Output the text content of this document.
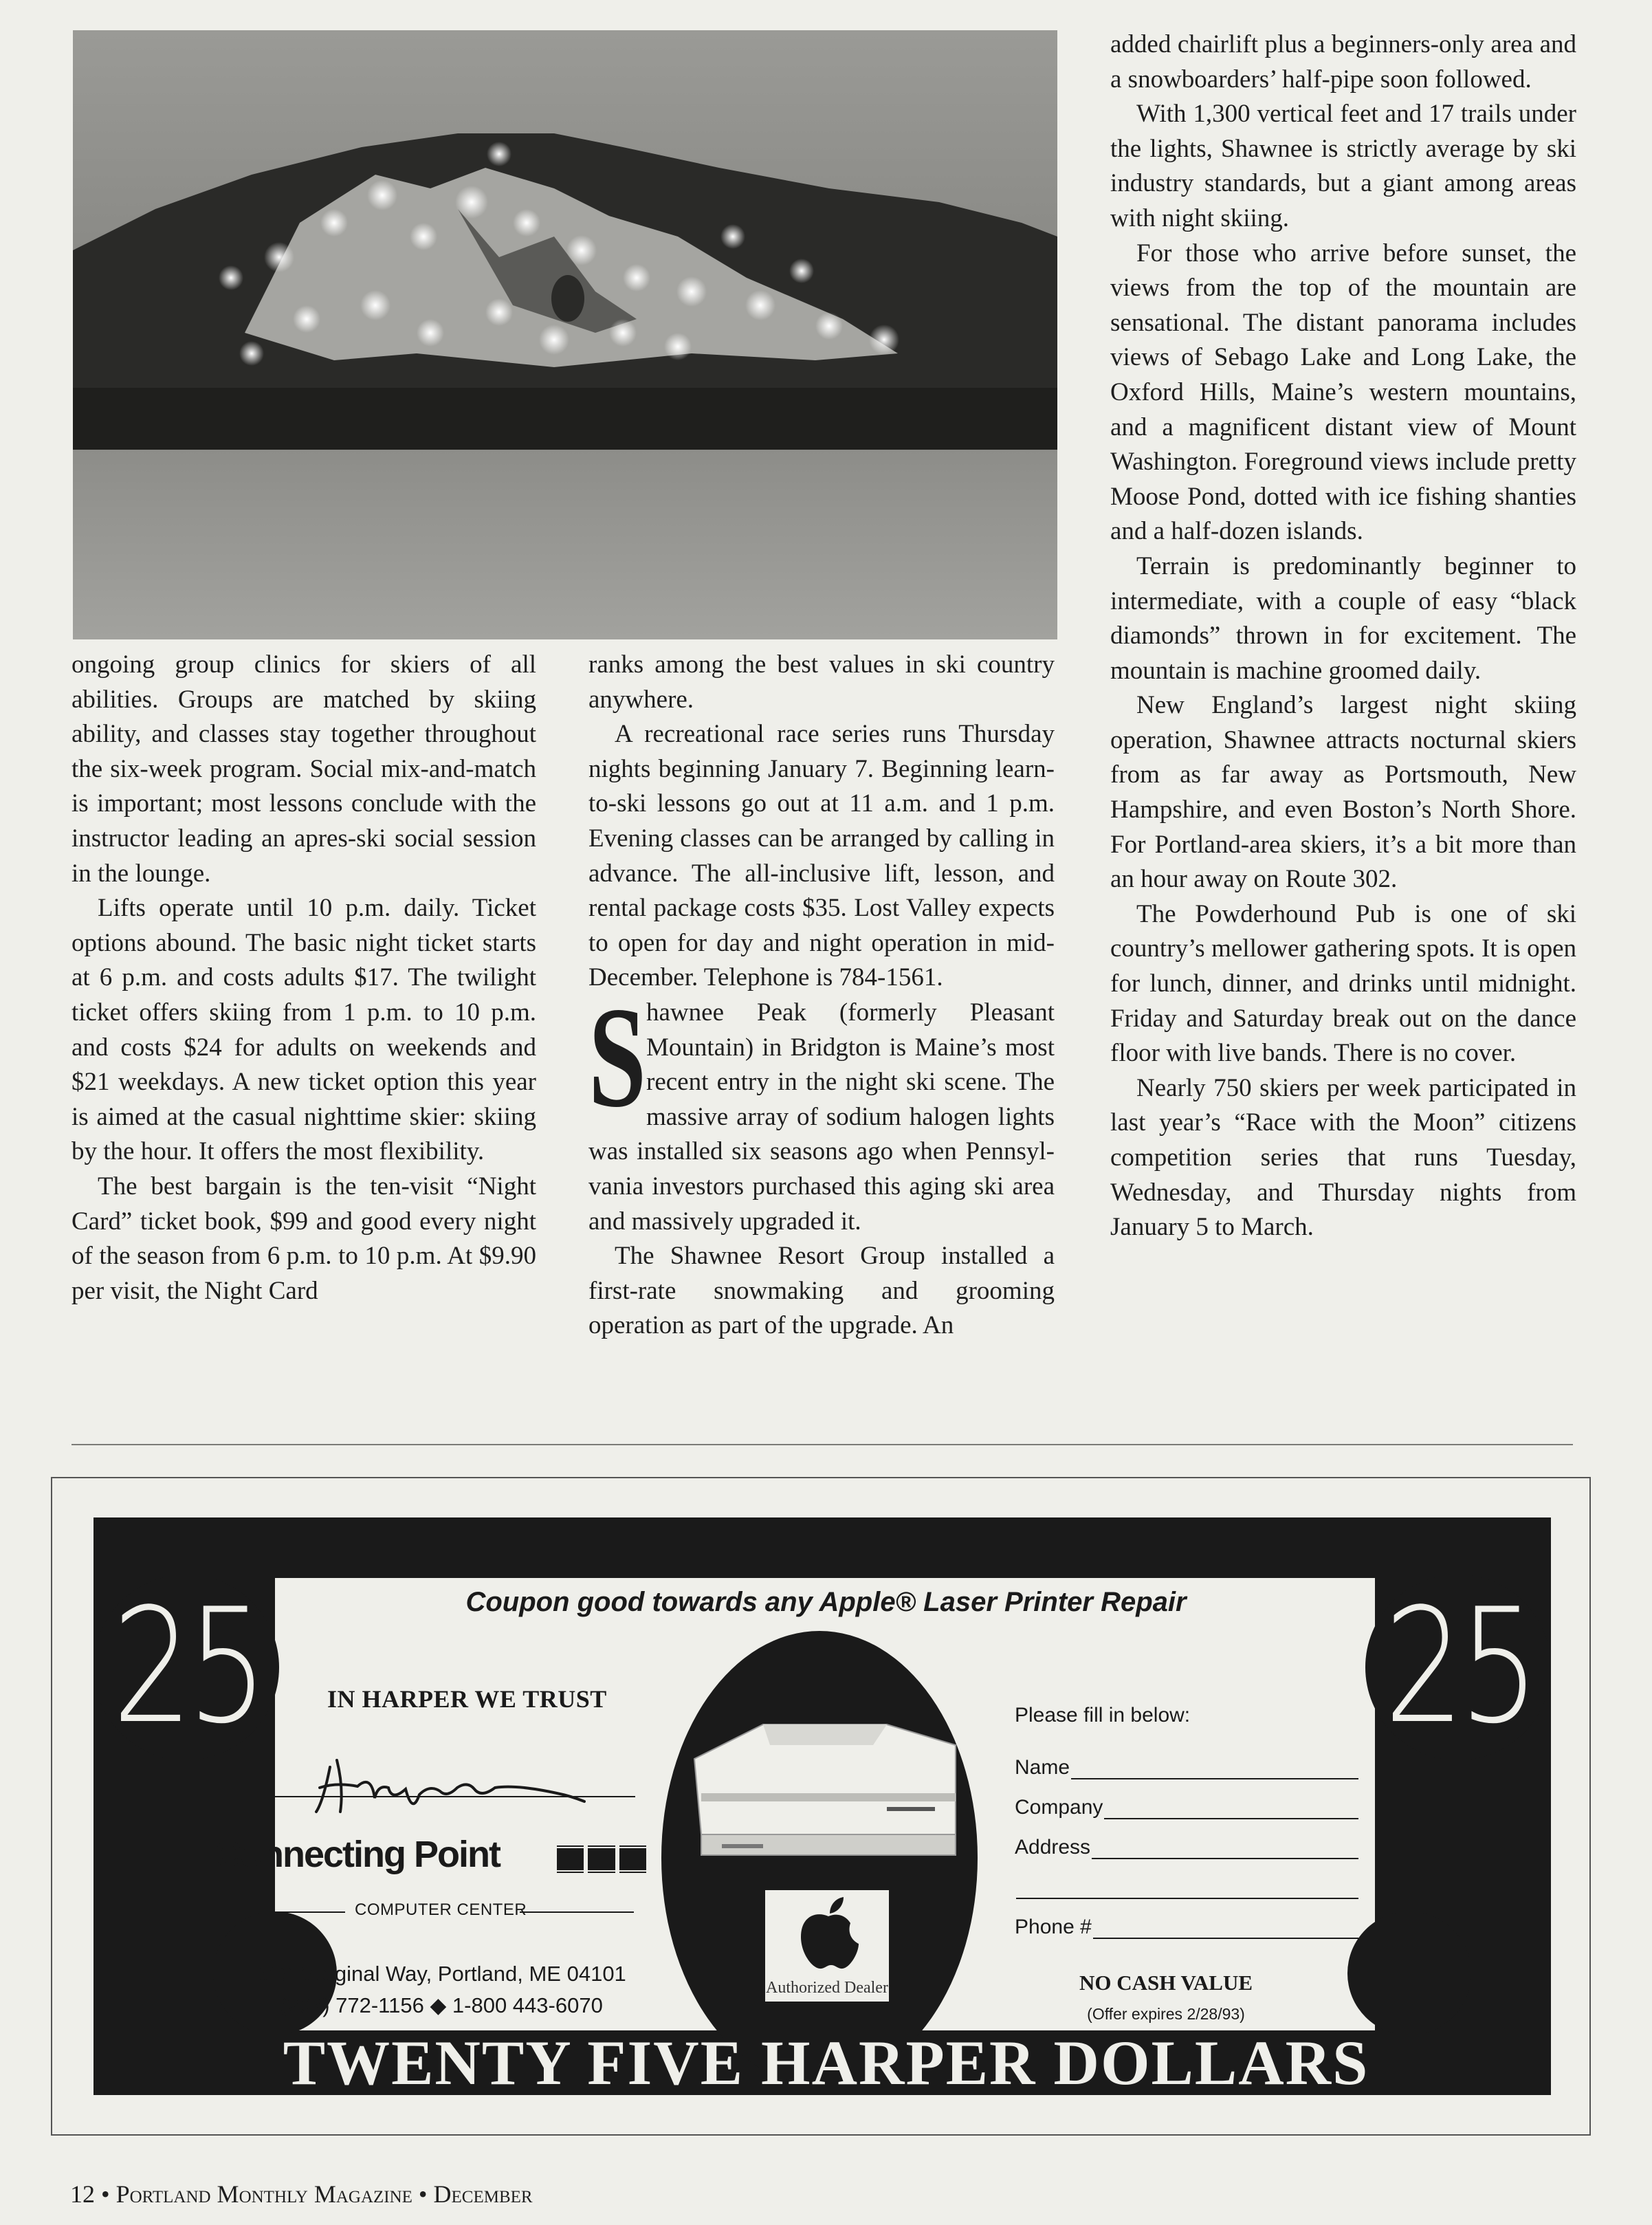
ongoing group clinics for skiers of all abilities. Groups are matched by skiing ability, and classes stay together throughout the six-week program. Social mix-and-match is important; most lessons conclude with the instructor leading an apres-ski social session in the lounge.

Lifts operate until 10 p.m. daily. Ticket options abound. The basic night ticket starts at 6 p.m. and costs adults $17. The twilight ticket offers skiing from 1 p.m. to 10 p.m. and costs $24 for adults on weekends and $21 weekdays. A new ticket option this year is aimed at the casual nighttime skier: skiing by the hour. It offers the most flexibility.

The best bargain is the ten-visit “Night Card” ticket book, $99 and good every night of the season from 6 p.m. to 10 p.m. At $9.90 per visit, the Night Card

ranks among the best values in ski country anywhere.

A recreational race series runs Thursday nights beginning January 7. Beginning learn-to-ski lessons go out at 11 a.m. and 1 p.m. Evening classes can be arranged by calling in advance. The all-inclusive lift, lesson, and rental package costs $35. Lost Valley expects to open for day and night operation in mid-December. Telephone is 784-1561.

Shawnee Peak (formerly Pleasant Mountain) in Bridgton is Maine’s most recent entry in the night ski scene. The massive array of sodium halogen lights was installed six seasons ago when Pennsylvania investors purchased this aging ski area and massively upgraded it.

The Shawnee Resort Group installed a first-rate snowmaking and grooming operation as part of the upgrade. An

added chairlift plus a beginners-only area and a snowboarders’ half-pipe soon followed.

With 1,300 vertical feet and 17 trails under the lights, Shawnee is strictly average by ski industry standards, but a giant among areas with night skiing.

For those who arrive before sunset, the views from the top of the mountain are sensational. The distant panorama includes views of Sebago Lake and Long Lake, the Oxford Hills, Maine’s western mountains, and a magnificent distant view of Mount Washington. Foreground views include pretty Moose Pond, dotted with ice fishing shanties and a half-dozen islands.

Terrain is predominantly beginner to intermediate, with a couple of easy “black diamonds” thrown in for excitement. The mountain is machine groomed daily.

New England’s largest night skiing operation, Shawnee attracts nocturnal skiers from as far away as Portsmouth, New Hampshire, and even Boston’s North Shore. For Portland-area skiers, it’s a bit more than an hour away on Route 302.

The Powderhound Pub is one of ski country’s mellower gathering spots. It is open for lunch, dinner, and drinks until midnight. Friday and Saturday break out on the dance floor with live bands. There is no cover.

Nearly 750 skiers per week participated in last year’s “Race with the Moon” citizens competition series that runs Tuesday, Wednesday, and Thursday nights from January 5 to March.

25	25
Coupon good towards any Apple® Laser Printer Repair
IN HARPER WE TRUST
Connecting Point
COMPUTER CENTER
319 Marginal Way, Portland, ME 04101
(207) 772-1156 ◆ 1-800 443-6070
Authorized Dealer
Please fill in below:
Name
Company
Address
Phone #
NO CASH VALUE
(Offer expires 2/28/93)
TWENTY FIVE HARPER DOLLARS
12 • Portland Monthly Magazine • December
